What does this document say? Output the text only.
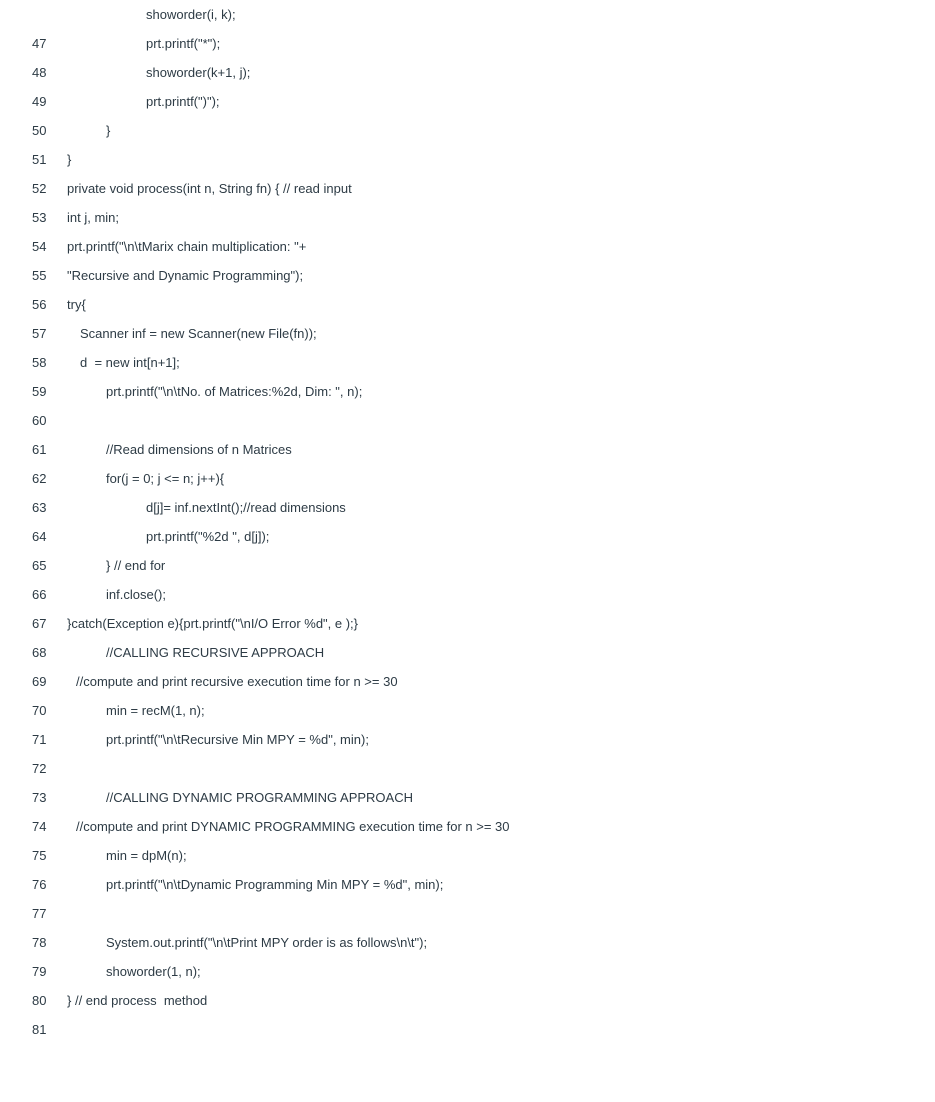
47

showorder(i, k);

48

prt.printf("*");

49

showorder(k+1, j);

50

prt.printf(")");

51

}

52

}

53

private void process(int n, String fn) { // read input

54

int j, min;

55

prt.printf("\n\tMarix chain multiplication: "+

56

"Recursive and Dynamic Programming");

57

try{

58

Scanner inf = new Scanner(new File(fn));

59

d  = new int[n+1];

60

prt.printf("\n\tNo. of Matrices:%2d, Dim: ", n);

61

62

//Read dimensions of n Matrices

63

for(j = 0; j <= n; j++){

64

d[j]= inf.nextInt();//read dimensions

65

prt.printf("%2d ", d[j]);

66

} // end for

67

inf.close();

68

}catch(Exception e){prt.printf("\nI/O Error %d", e );}

69

//CALLING RECURSIVE APPROACH

70

//compute and print recursive execution time for n >= 30

71

min = recM(1, n);

72

prt.printf("\n\tRecursive Min MPY = %d", min);

73

74

//CALLING DYNAMIC PROGRAMMING APPROACH

75

//compute and print DYNAMIC PROGRAMMING execution time for n >= 30

76

min = dpM(n);

77

prt.printf("\n\tDynamic Programming Min MPY = %d", min);

78

79

System.out.printf("\n\tPrint MPY order is as follows\n\t");

80

showorder(1, n);

81

} // end process  method
